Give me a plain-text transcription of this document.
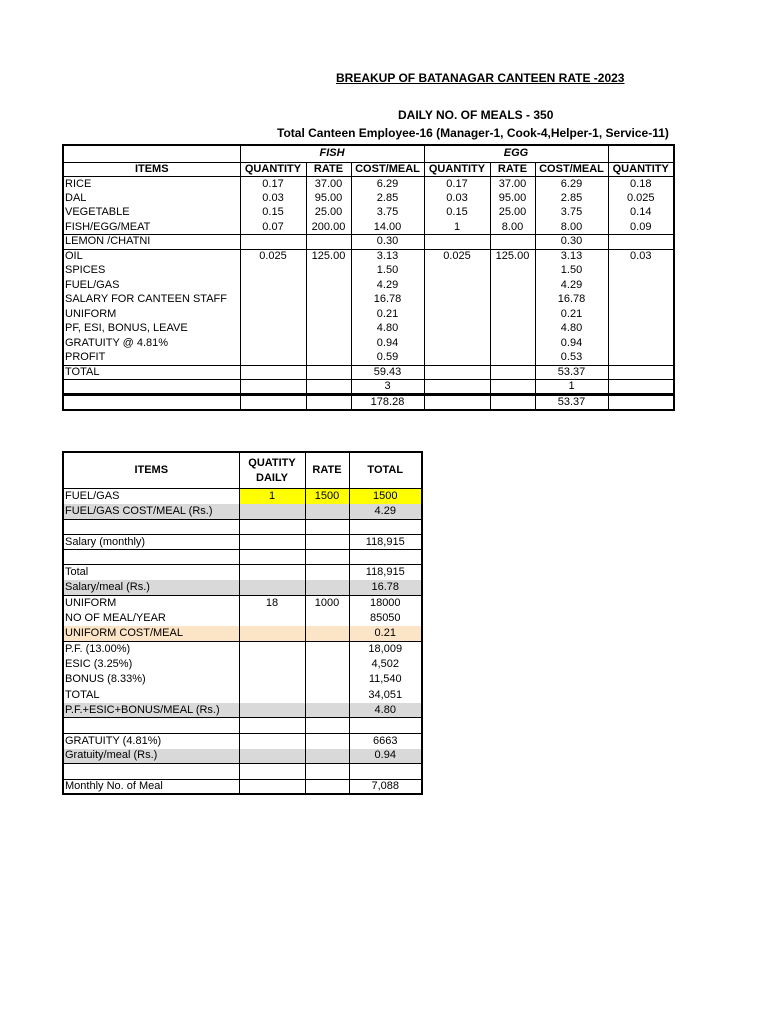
BREAKUP OF BATANAGAR CANTEEN RATE -2023
DAILY NO. OF MEALS - 350
Total Canteen Employee-16 (Manager-1, Cook-4,Helper-1, Service-11)
	FISH			EGG			
ITEMS	QUANTITY	RATE	COST/MEAL	QUANTITY	RATE	COST/MEAL	QUANTITY
RICE	0.17	37.00	6.29	0.17	37.00	6.29	0.18
DAL	0.03	95.00	2.85	0.03	95.00	2.85	0.025
VEGETABLE	0.15	25.00	3.75	0.15	25.00	3.75	0.14
FISH/EGG/MEAT	0.07	200.00	14.00	1	8.00	8.00	0.09
LEMON /CHATNI			0.30			0.30	
OIL	0.025	125.00	3.13	0.025	125.00	3.13	0.03
SPICES			1.50			1.50	
FUEL/GAS			4.29			4.29	
SALARY FOR CANTEEN STAFF			16.78			16.78	
UNIFORM			0.21			0.21	
PF, ESI, BONUS, LEAVE			4.80			4.80	
GRATUITY @ 4.81%			0.94			0.94	
PROFIT			0.59			0.53	
TOTAL			59.43			53.37	
			3			1	
			178.28			53.37	
ITEMS	QUATITY DAILY	RATE	TOTAL
FUEL/GAS	1	1500	1500
FUEL/GAS COST/MEAL (Rs.)			4.29

Salary (monthly)			118,915

Total			118,915
Salary/meal (Rs.)			16.78
UNIFORM	18	1000	18000
NO OF MEAL/YEAR			85050
UNIFORM COST/MEAL			0.21
P.F. (13.00%)			18,009
ESIC (3.25%)			4,502
BONUS (8.33%)			11,540
TOTAL			34,051
P.F.+ESIC+BONUS/MEAL (Rs.)			4.80

GRATUITY (4.81%)			6663
Gratuity/meal (Rs.)			0.94

Monthly No. of Meal			7,088
